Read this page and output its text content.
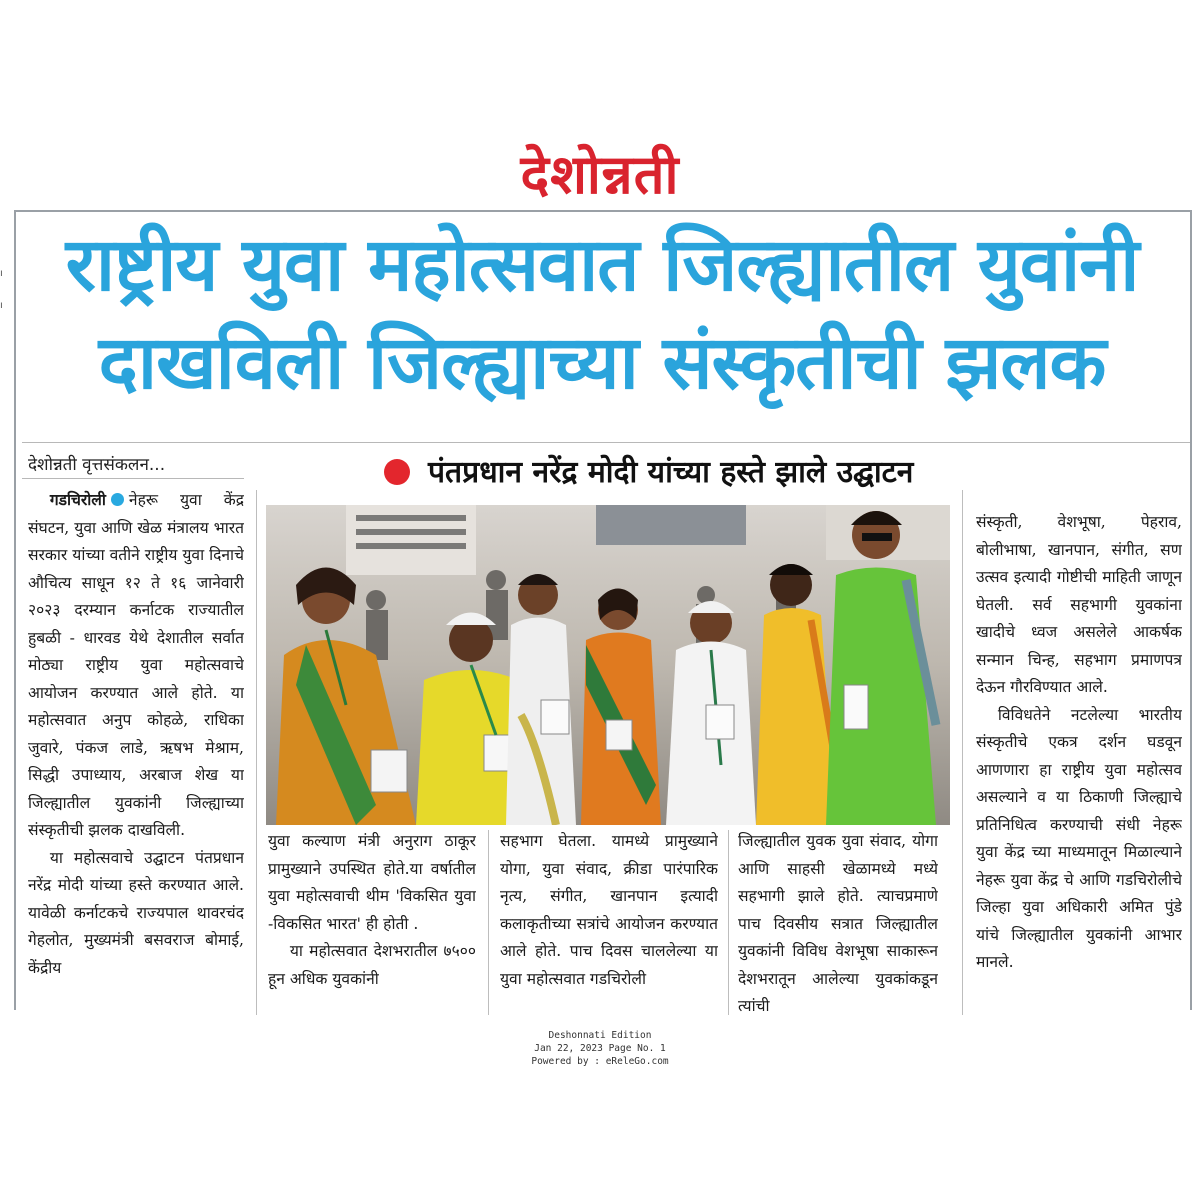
देशोन्नती
ı
ı राष्ट्रीय युवा महोत्सवात जिल्ह्यातील युवांनी
दाखविली जिल्ह्याच्या संस्कृतीची झलक
देशोन्नती वृत्तसंकलन...	पंतप्रधान नरेंद्र मोदी यांच्या हस्ते झाले उद्घाटन

गडचिरोली नेहरू युवा केंद्र संघटन, युवा आणि खेळ मंत्रालय भारत सरकार यांच्या वतीने राष्ट्रीय युवा दिनाचे औचित्य साधून १२ ते १६ जानेवारी २०२३ दरम्यान कर्नाटक राज्यातील हुबळी - धारवड येथे देशातील सर्वात मोठ्या राष्ट्रीय युवा महोत्सवाचे आयोजन करण्यात आले होते. या महोत्सवात अनुप कोहळे, राधिका जुवारे, पंकज लाडे, ऋषभ मेश्राम, सिद्धी उपाध्याय, अरबाज शेख या जिल्ह्यातील युवकांनी जिल्ह्याच्या संस्कृतीची झलक दाखविली.

या महोत्सवाचे उद्घाटन पंतप्रधान नरेंद्र मोदी यांच्या हस्ते करण्यात आले. यावेळी कर्नाटकचे राज्यपाल थावरचंद गेहलोत, मुख्यमंत्री बसवराज बोमाई, केंद्रीय

युवा कल्याण मंत्री अनुराग ठाकूर प्रामुख्याने उपस्थित होते.या वर्षातील युवा महोत्सवाची थीम 'विकसित युवा -विकसित भारत' ही होती .

या महोत्सवात देशभरातील ७५०० हून अधिक युवकांनी

सहभाग घेतला. यामध्ये प्रामुख्याने योगा, युवा संवाद, क्रीडा पारंपारिक नृत्य, संगीत, खानपान इत्यादी कलाकृतीच्या सत्रांचे आयोजन करण्यात आले होते. पाच दिवस चाललेल्या या युवा महोत्सवात गडचिरोली

जिल्ह्यातील युवक युवा संवाद, योगा आणि साहसी खेळामध्ये मध्ये सहभागी झाले होते. त्याचप्रमाणे पाच दिवसीय सत्रात जिल्ह्यातील युवकांनी विविध वेशभूषा साकारून देशभरातून आलेल्या युवकांकडून त्यांची

संस्कृती, वेशभूषा, पेहराव, बोलीभाषा, खानपान, संगीत, सण उत्सव इत्यादी गोष्टीची माहिती जाणून घेतली. सर्व सहभागी युवकांना खादीचे ध्वज असलेले आकर्षक सन्मान चिन्ह, सहभाग प्रमाणपत्र देऊन गौरविण्यात आले.

विविधतेने नटलेल्या भारतीय संस्कृतीचे एकत्र दर्शन घडवून आणणारा हा राष्ट्रीय युवा महोत्सव असल्याने व या ठिकाणी जिल्ह्याचे प्रतिनिधित्व करण्याची संधी नेहरू युवा केंद्र च्या माध्यमातून मिळाल्याने नेहरू युवा केंद्र चे आणि गडचिरोलीचे जिल्हा युवा अधिकारी अमित पुंडे यांचे जिल्ह्यातील युवकांनी आभार मानले.

Deshonnati Edition
Jan 22, 2023 Page No. 1
Powered by : eReleGo.com
